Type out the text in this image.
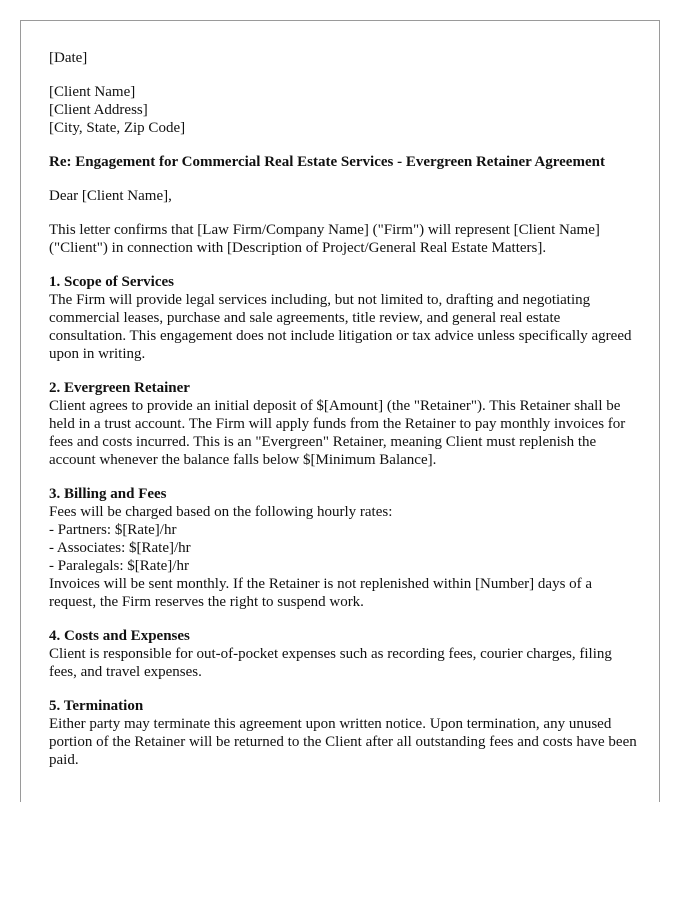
[Date]
[Client Name]
[Client Address]
[City, State, Zip Code]
Re: Engagement for Commercial Real Estate Services - Evergreen Retainer Agreement
Dear [Client Name],
This letter confirms that [Law Firm/Company Name] ("Firm") will represent [Client Name] ("Client") in connection with [Description of Project/General Real Estate Matters].
1. Scope of Services
The Firm will provide legal services including, but not limited to, drafting and negotiating commercial leases, purchase and sale agreements, title review, and general real estate consultation. This engagement does not include litigation or tax advice unless specifically agreed upon in writing.
2. Evergreen Retainer
Client agrees to provide an initial deposit of $[Amount] (the "Retainer"). This Retainer shall be held in a trust account. The Firm will apply funds from the Retainer to pay monthly invoices for fees and costs incurred. This is an "Evergreen" Retainer, meaning Client must replenish the account whenever the balance falls below $[Minimum Balance].
3. Billing and Fees
Fees will be charged based on the following hourly rates:
- Partners: $[Rate]/hr
- Associates: $[Rate]/hr
- Paralegals: $[Rate]/hr
Invoices will be sent monthly. If the Retainer is not replenished within [Number] days of a request, the Firm reserves the right to suspend work.
4. Costs and Expenses
Client is responsible for out-of-pocket expenses such as recording fees, courier charges, filing fees, and travel expenses.
5. Termination
Either party may terminate this agreement upon written notice. Upon termination, any unused portion of the Retainer will be returned to the Client after all outstanding fees and costs have been paid.
